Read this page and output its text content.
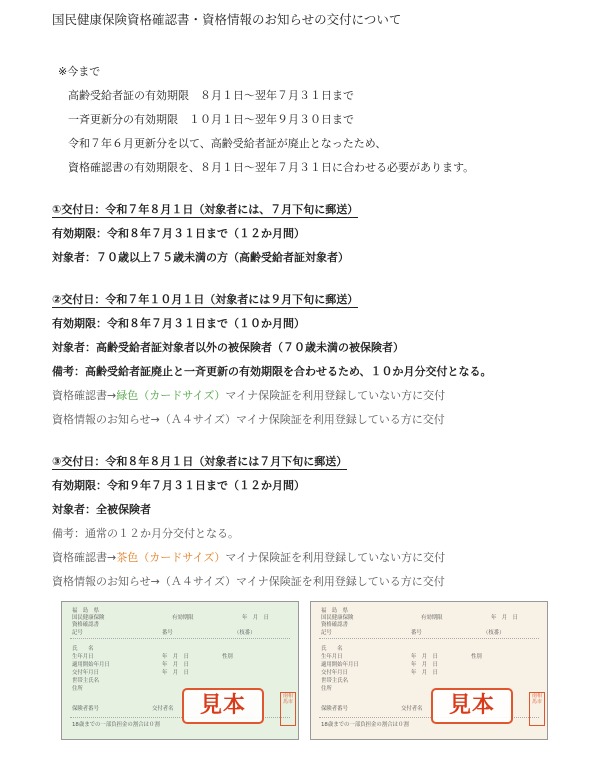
国民健康保険資格確認書・資格情報のお知らせの交付について
※今まで
高齢受給者証の有効期限　８月１日～翌年７月３１日まで
一斉更新分の有効期限　１０月１日～翌年９月３０日まで
令和７年６月更新分を以て、高齢受給者証が廃止となったため、
資格確認書の有効期限を、８月１日～翌年７月３１日に合わせる必要があります。
①交付日：令和７年８月１日（対象者には、７月下旬に郵送）
有効期限：令和８年７月３１日まで（１２か月間）
対象者：７０歳以上７５歳未満の方（高齢受給者証対象者）
②交付日：令和７年１０月１日（対象者には９月下旬に郵送）
有効期限：令和８年７月３１日まで（１０か月間）
対象者：高齢受給者証対象者以外の被保険者（７０歳未満の被保険者）
備考：高齢受給者証廃止と一斉更新の有効期限を合わせるため、１０か月分交付となる。
資格確認書→緑色（カードサイズ）マイナ保険証を利用登録していない方に交付
資格情報のお知らせ→（Ａ４サイズ）マイナ保険証を利用登録している方に交付
③交付日：令和８年８月１日（対象者には７月下旬に郵送）
有効期限：令和９年７月３１日まで（１２か月間）
対象者：全被保険者
備考：通常の１２か月分交付となる。
資格確認書→茶色（カードサイズ）マイナ保険証を利用登録していない方に交付
資格情報のお知らせ→（Ａ４サイズ）マイナ保険証を利用登録している方に交付
福　島　県
国民健康保険
資格確認書
有効期限	年　月　日
記号	番号	（枝番）
氏　　名
生年月日	年　月　日	性別
適用開始年月日	年　月　日
交付年月日	年　月　日
世帯主氏名
住所
保険者番号	交付者名
18歳までの一部負担金の割合は０割
見本	南相馬市
福　島　県
国民健康保険
資格確認書
有効期限	年　月　日
記号	番号	（枝番）
氏　　名
生年月日	年　月　日	性別
適用開始年月日	年　月　日
交付年月日	年　月　日
世帯主氏名
住所
保険者番号	交付者名
18歳までの一部負担金の割合は０割
見本	南相馬市
